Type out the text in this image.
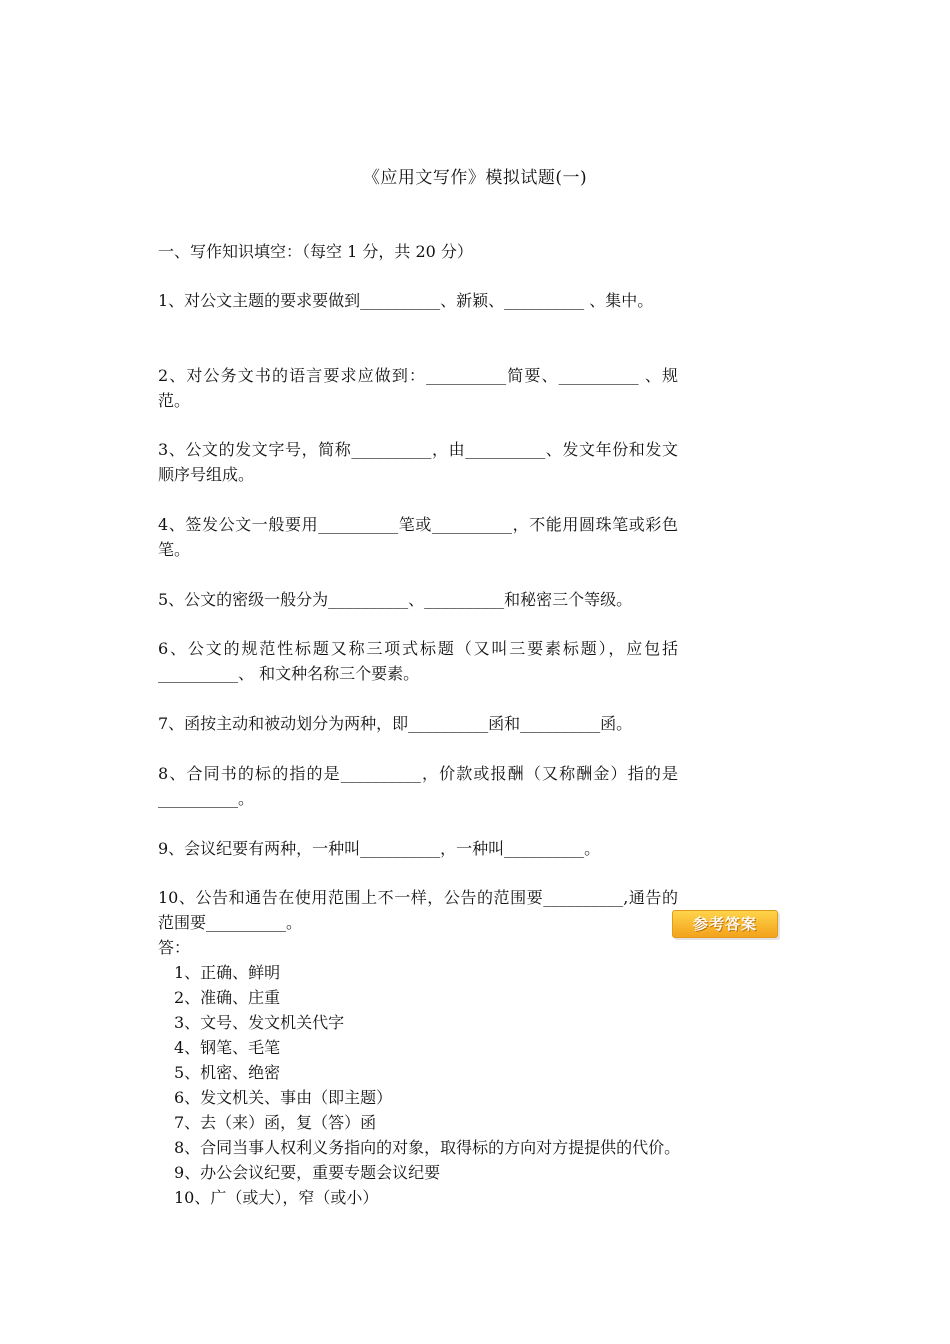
《应用文写作》模拟试题(一)
一、写作知识填空：（每空 1 分，共 20 分）
1、对公文主题的要求要做到__________、新颖、__________ 、集中。
2、对公务文书的语言要求应做到：__________简要、__________ 、规范。
3、公文的发文字号，简称__________，由__________、发文年份和发文顺序号组成。
4、签发公文一般要用__________笔或__________，不能用圆珠笔或彩色笔。
5、公文的密级一般分为__________、__________和秘密三个等级。
6、公文的规范性标题又称三项式标题（又叫三要素标题），应包括__________、 和文种名称三个要素。
7、函按主动和被动划分为两种，即__________函和__________函。
8、合同书的标的指的是__________，价款或报酬（又称酬金）指的是__________。
9、会议纪要有两种，一种叫__________，一种叫__________。
10、公告和通告在使用范围上不一样，公告的范围要__________,通告的范围要__________。	参考答案
答：
1、正确、鲜明
2、准确、庄重
3、文号、发文机关代字
4、钢笔、毛笔
5、机密、绝密
6、发文机关、事由（即主题）
7、去（来）函，复（答）函
8、合同当事人权利义务指向的对象，取得标的方向对方提提供的代价。
9、办公会议纪要，重要专题会议纪要
10、广（或大），窄（或小）
